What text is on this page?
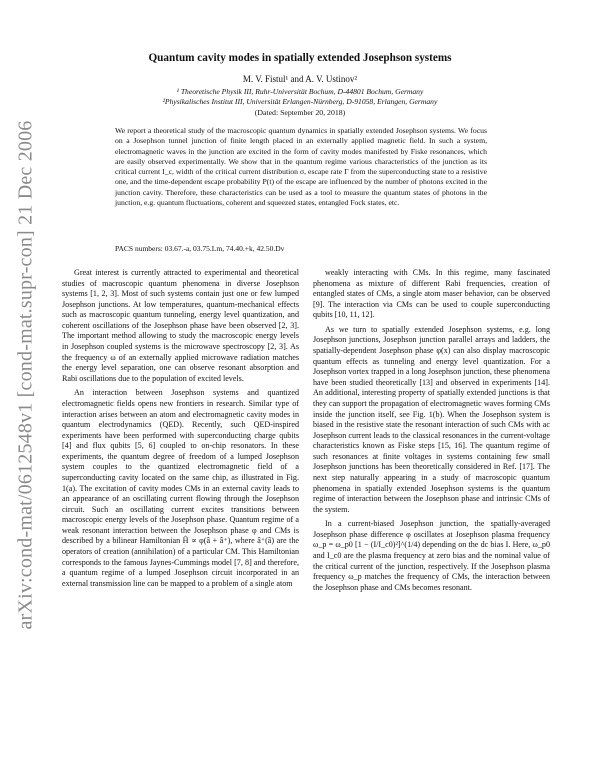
arXiv:cond-mat/0612548v1 [cond-mat.supr-con] 21 Dec 2006
Quantum cavity modes in spatially extended Josephson systems
M. V. Fistul¹ and A. V. Ustinov²
¹ Theoretische Physik III, Ruhr-Universität Bochum, D-44801 Bochum, Germany
²Physikalisches Institut III, Universität Erlangen-Nürnberg, D-91058, Erlangen, Germany
(Dated: September 20, 2018)
We report a theoretical study of the macroscopic quantum dynamics in spatially extended Josephson systems. We focus on a Josephson tunnel junction of finite length placed in an externally applied magnetic field. In such a system, electromagnetic waves in the junction are excited in the form of cavity modes manifested by Fiske resonances, which are easily observed experimentally. We show that in the quantum regime various characteristics of the junction as its critical current I_c, width of the critical current distribution σ, escape rate Γ from the superconducting state to a resistive one, and the time-dependent escape probability P(t) of the escape are influenced by the number of photons excited in the junction cavity. Therefore, these characteristics can be used as a tool to measure the quantum states of photons in the junction, e.g. quantum fluctuations, coherent and squeezed states, entangled Fock states, etc.
PACS numbers: 03.67.-a, 03.75.Lm, 74.40.+k, 42.50.Dv

Great interest is currently attracted to experimental and theoretical studies of macroscopic quantum phenomena in diverse Josephson systems [1, 2, 3]. Most of such systems contain just one or few lumped Josephson junctions. At low temperatures, quantum-mechanical effects such as macroscopic quantum tunneling, energy level quantization, and coherent oscillations of the Josephson phase have been observed [2, 3]. The important method allowing to study the macroscopic energy levels in Josephson coupled systems is the microwave spectroscopy [2, 3]. As the frequency ω of an externally applied microwave radiation matches the energy level separation, one can observe resonant absorption and Rabi oscillations due to the population of excited levels.

An interaction between Josephson systems and quantized electromagnetic fields opens new frontiers in research. Similar type of interaction arises between an atom and electromagnetic cavity modes in quantum electrodynamics (QED). Recently, such QED-inspired experiments have been performed with superconducting charge qubits [4] and flux qubits [5, 6] coupled to on-chip resonators. In these experiments, the quantum degree of freedom of a lumped Josephson system couples to the quantized electromagnetic field of a superconducting cavity located on the same chip, as illustrated in Fig. 1(a). The excitation of cavity modes CMs in an external cavity leads to an appearance of an oscillating current flowing through the Josephson circuit. Such an oscillating current excites transitions between macroscopic energy levels of the Josephson phase. Quantum regime of a weak resonant interaction between the Josephson phase φ and CMs is described by a bilinear Hamiltonian Ĥ ∝ φ(â + â⁺), where â⁺(â) are the operators of creation (annihilation) of a particular CM. This Hamiltonian corresponds to the famous Jaynes-Cummings model [7, 8] and therefore, a quantum regime of a lumped Josephson circuit incorporated in an external transmission line can be mapped to a problem of a single atom

weakly interacting with CMs. In this regime, many fascinated phenomena as mixture of different Rabi frequencies, creation of entangled states of CMs, a single atom maser behavior, can be observed [9]. The interaction via CMs can be used to couple superconducting qubits [10, 11, 12].

As we turn to spatially extended Josephson systems, e.g. long Josephson junctions, Josephson junction parallel arrays and ladders, the spatially-dependent Josephson phase φ(x) can also display macroscopic quantum effects as tunneling and energy level quantization. For a Josephson vortex trapped in a long Josephson junction, these phenomena have been studied theoretically [13] and observed in experiments [14]. An additional, interesting property of spatially extended junctions is that they can support the propagation of electromagnetic waves forming CMs inside the junction itself, see Fig. 1(b). When the Josephson system is biased in the resistive state the resonant interaction of such CMs with ac Josephson current leads to the classical resonances in the current-voltage characteristics known as Fiske steps [15, 16]. The quantum regime of such resonances at finite voltages in systems containing few small Josephson junctions has been theoretically considered in Ref. [17]. The next step naturally appearing in a study of macroscopic quantum phenomena in spatially extended Josephson systems is the quantum regime of interaction between the Josephson phase and intrinsic CMs of the system.

In a current-biased Josephson junction, the spatially-averaged Josephson phase difference φ oscillates at Josephson plasma frequency ω_p = ω_p0 [1 − (I/I_c0)²]^(1/4) depending on the dc bias I. Here, ω_p0 and I_c0 are the plasma frequency at zero bias and the nominal value of the critical current of the junction, respectively. If the Josephson plasma frequency ω_p matches the frequency of CMs, the interaction between the Josephson phase and CMs becomes resonant.
